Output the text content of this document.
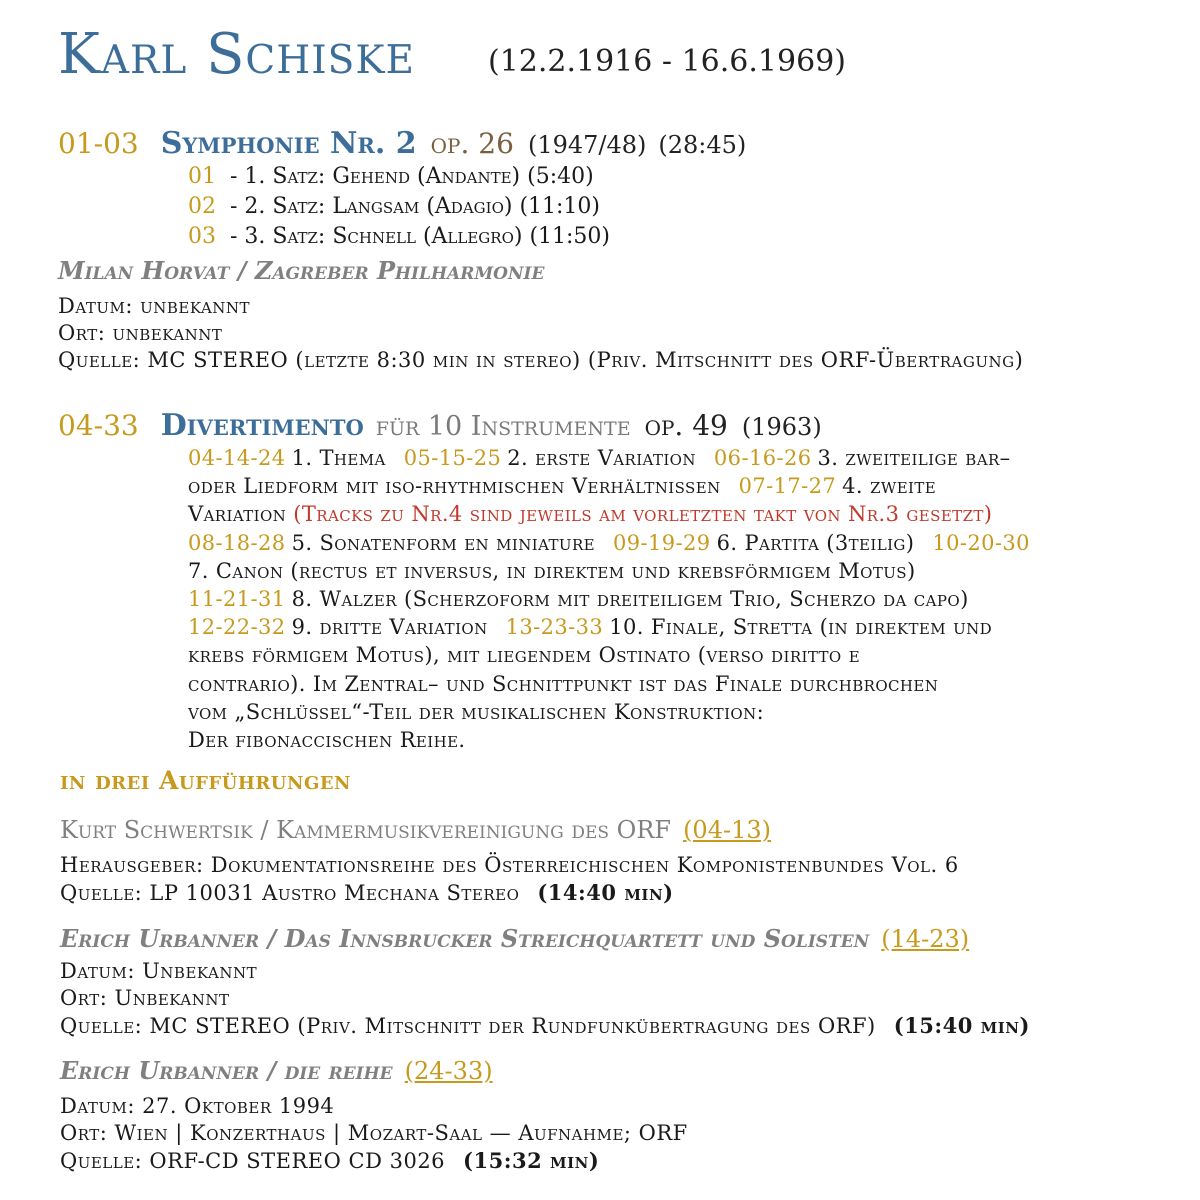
Karl Schiske (12.2.1916 - 16.6.1969)
01-03 Symphonie Nr. 2 op. 26 (1947/48) (28:45)
01 - 1. Satz: Gehend (Andante) (5:40)
02 - 2. Satz: Langsam (Adagio) (11:10)
03 - 3. Satz: Schnell (Allegro) (11:50)
Milan Horvat / Zagreber Philharmonie
Datum: unbekannt
Ort: unbekannt
Quelle: MC STEREO (letzte 8:30 min in stereo) (Priv. Mitschnitt des ORF-Übertragung)
04-33 Divertimento für 10 Instrumente op. 49 (1963)
04-14-24 1. Thema 05-15-25 2. erste Variation 06-16-26 3. zweiteilige bar–
oder Liedform mit iso-rhythmischen Verhältnissen 07-17-27 4. zweite
Variation (Tracks zu Nr.4 sind jeweils am vorletzten takt von Nr.3 gesetzt)
08-18-28 5. Sonatenform en miniature 09-19-29 6. Partita (3teilig) 10-20-30
7. Canon (rectus et inversus, in direktem und krebsförmigem Motus)
11-21-31 8. Walzer (Scherzoform mit dreiteiligem Trio, Scherzo da capo)
12-22-32 9. dritte Variation 13-23-33 10. Finale, Stretta (in direktem und
krebs förmigem Motus), mit liegendem Ostinato (verso diritto e
contrario). Im Zentral– und Schnittpunkt ist das Finale durchbrochen
vom „Schlüssel“-Teil der musikalischen Konstruktion:
Der fibonaccischen Reihe.
in drei Aufführungen
Kurt Schwertsik / Kammermusikvereinigung des ORF (04-13)
Herausgeber: Dokumentationsreihe des Österreichischen Komponistenbundes Vol. 6
Quelle: LP 10031 Austro Mechana Stereo (14:40 min)
Erich Urbanner / Das Innsbrucker Streichquartett und Solisten (14-23)
Datum: Unbekannt
Ort: Unbekannt
Quelle: MC STEREO (Priv. Mitschnitt der Rundfunkübertragung des ORF) (15:40 min)
Erich Urbanner / die reihe (24-33)
Datum: 27. Oktober 1994
Ort: Wien | Konzerthaus | Mozart-Saal — Aufnahme; ORF
Quelle: ORF-CD STEREO CD 3026 (15:32 min)
